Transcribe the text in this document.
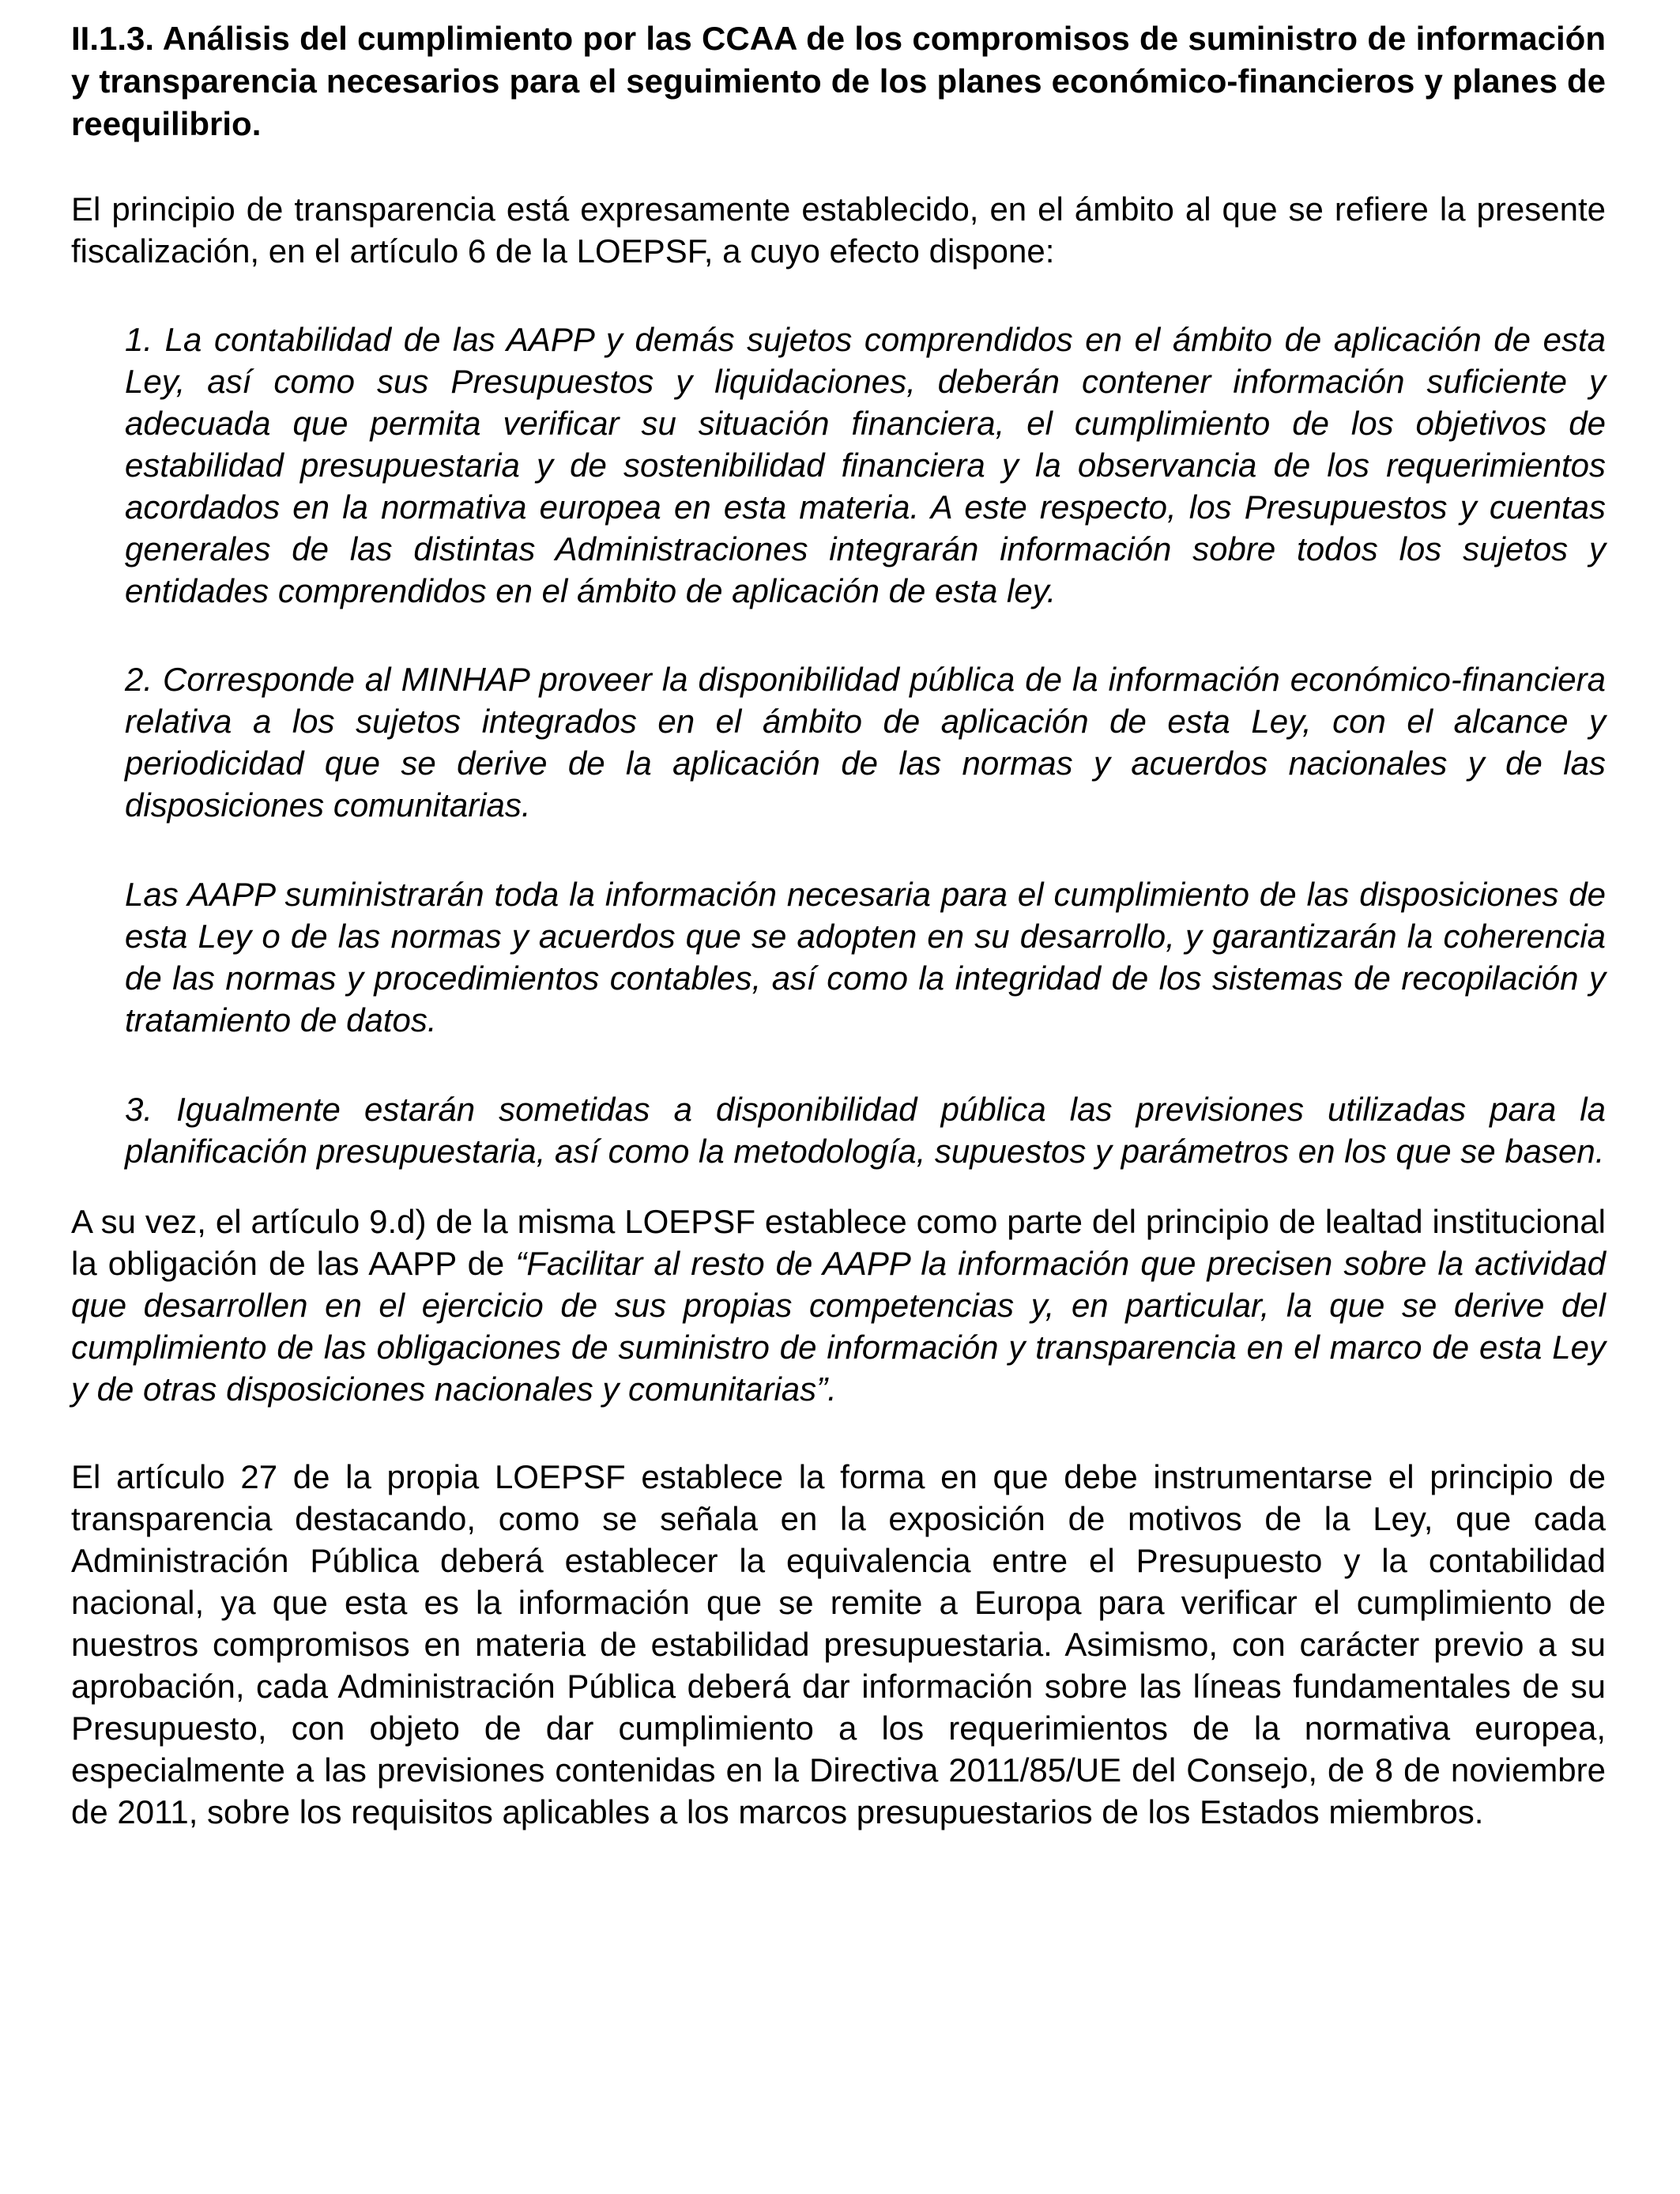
II.1.3. Análisis del cumplimiento por las CCAA de los compromisos de suministro de información y transparencia necesarios para el seguimiento de los planes económico-financieros y planes de reequilibrio.

El principio de transparencia está expresamente establecido, en el ámbito al que se refiere la presente fiscalización, en el artículo 6 de la LOEPSF, a cuyo efecto dispone:

1. La contabilidad de las AAPP y demás sujetos comprendidos en el ámbito de aplicación de esta Ley, así como sus Presupuestos y liquidaciones, deberán contener información suficiente y adecuada que permita verificar su situación financiera, el cumplimiento de los objetivos de estabilidad presupuestaria y de sostenibilidad financiera y la observancia de los requerimientos acordados en la normativa europea en esta materia. A este respecto, los Presupuestos y cuentas generales de las distintas Administraciones integrarán información sobre todos los sujetos y entidades comprendidos en el ámbito de aplicación de esta ley.

2. Corresponde al MINHAP proveer la disponibilidad pública de la información económico-financiera relativa a los sujetos integrados en el ámbito de aplicación de esta Ley, con el alcance y periodicidad que se derive de la aplicación de las normas y acuerdos nacionales y de las disposiciones comunitarias.

Las AAPP suministrarán toda la información necesaria para el cumplimiento de las disposiciones de esta Ley o de las normas y acuerdos que se adopten en su desarrollo, y garantizarán la coherencia de las normas y procedimientos contables, así como la integridad de los sistemas de recopilación y tratamiento de datos.

3. Igualmente estarán sometidas a disponibilidad pública las previsiones utilizadas para la planificación presupuestaria, así como la metodología, supuestos y parámetros en los que se basen.

A su vez, el artículo 9.d) de la misma LOEPSF establece como parte del principio de lealtad institucional la obligación de las AAPP de “Facilitar al resto de AAPP la información que precisen sobre la actividad que desarrollen en el ejercicio de sus propias competencias y, en particular, la que se derive del cumplimiento de las obligaciones de suministro de información y transparencia en el marco de esta Ley y de otras disposiciones nacionales y comunitarias”.

El artículo 27 de la propia LOEPSF establece la forma en que debe instrumentarse el principio de transparencia destacando, como se señala en la exposición de motivos de la Ley, que cada Administración Pública deberá establecer la equivalencia entre el Presupuesto y la contabilidad nacional, ya que esta es la información que se remite a Europa para verificar el cumplimiento de nuestros compromisos en materia de estabilidad presupuestaria. Asimismo, con carácter previo a su aprobación, cada Administración Pública deberá dar información sobre las líneas fundamentales de su Presupuesto, con objeto de dar cumplimiento a los requerimientos de la normativa europea, especialmente a las previsiones contenidas en la Directiva 2011/85/UE del Consejo, de 8 de noviembre de 2011, sobre los requisitos aplicables a los marcos presupuestarios de los Estados miembros.
